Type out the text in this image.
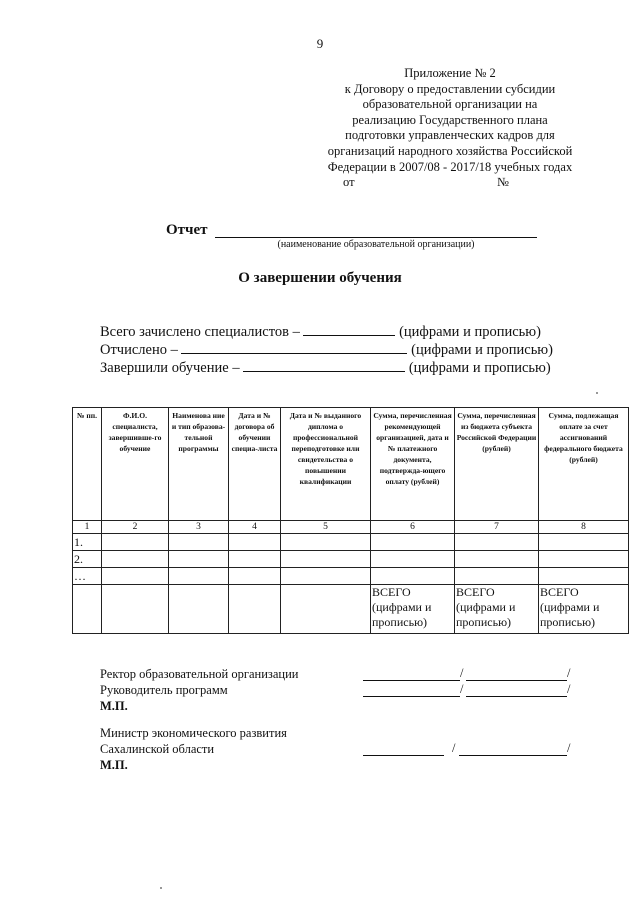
9
Приложение № 2
к Договору о предоставлении субсидии
образовательной организации на
реализацию Государственного плана
подготовки управленческих кадров для
организаций народного хозяйства Российской
Федерации в 2007/08 - 2017/18 учебных годах
от	№
Отчет
(наименование образовательной организации)
О завершении обучения
Всего зачислено специалистов –	(цифрами и прописью)
Отчислено –	(цифрами и прописью)
Завершили обучение –	(цифрами и прописью)
№ пп.	Ф.И.О. специалиста, завершивше-го обучение	Наименова ние и тип образова-тельной программы	Дата и № договора об обучении специа-листа	Дата и № выданного диплома о профессиональной переподготовке или свидетельства о повышении квалификации	Сумма, перечисленная рекомендующей организацией, дата и № платежного документа, подтвержда-ющего оплату (рублей)	Сумма, перечисленная из бюджета субъекта Российской Федерации (рублей)	Сумма, подлежащая оплате за счет ассигнований федерального бюджета (рублей)
1	2	3	4	5	6	7	8
1.							
2.							
…							
					ВСЕГО (цифрами и прописью)	ВСЕГО (цифрами и прописью)	ВСЕГО (цифрами и прописью)
Ректор образовательной организации
Руководитель программ
М.П.
/	/
/	/
Министр экономического развития
Сахалинской области
М.П.
/	/
